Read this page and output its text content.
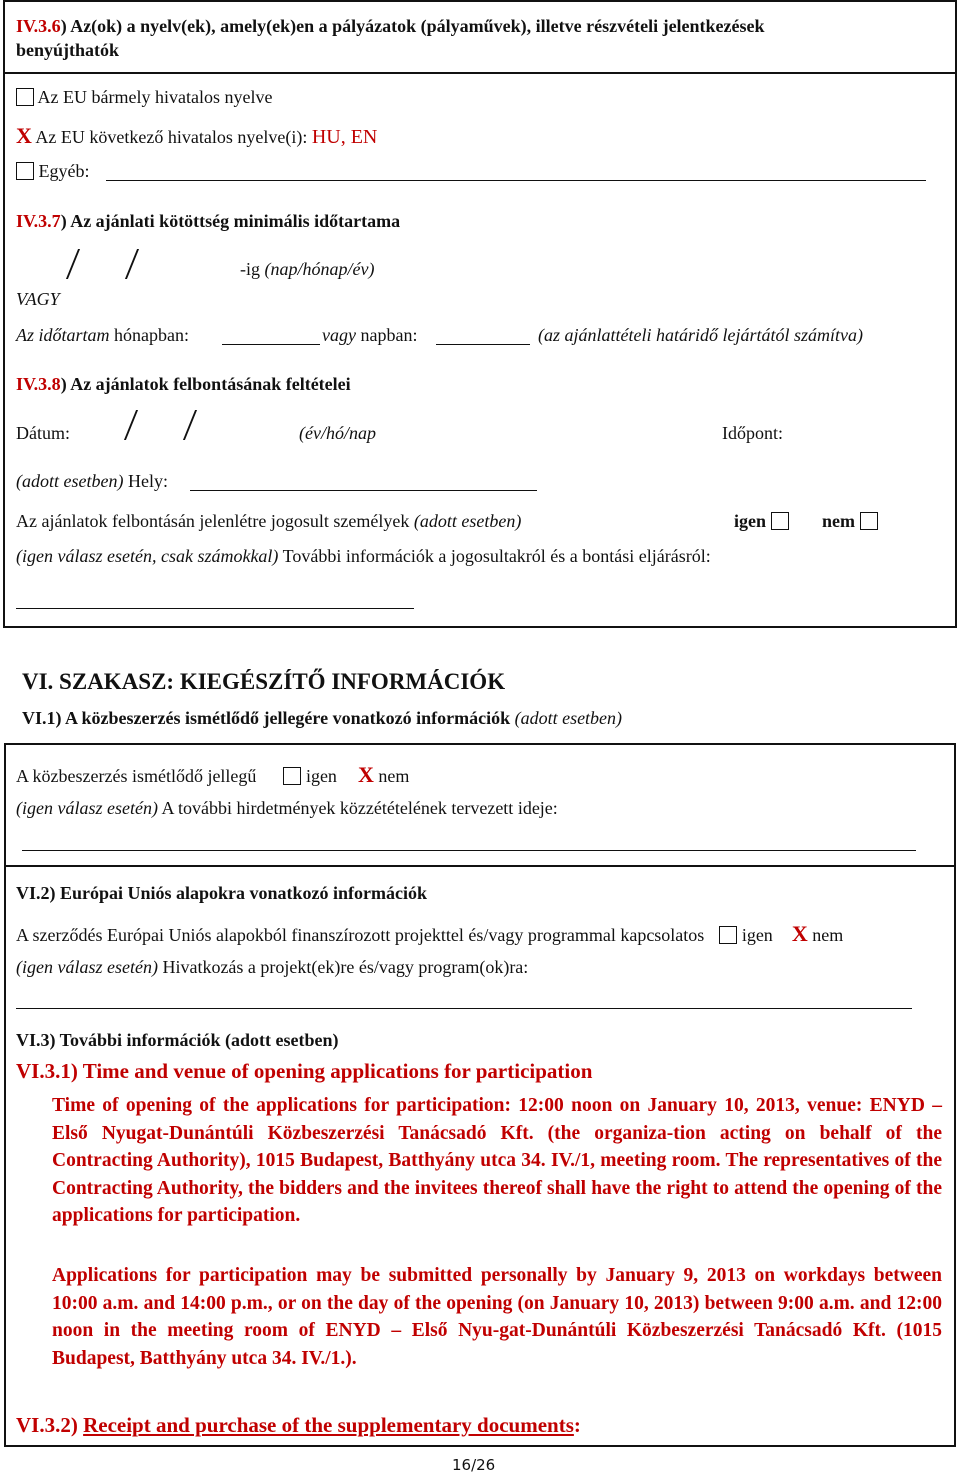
IV.3.6) Az(ok) a nyelv(ek), amely(ek)en a pályázatok (pályaművek), illetve részvételi jelentkezések
benyújthatók
Az EU bármely hivatalos nyelve
X Az EU következő hivatalos nyelve(i): HU, EN
Egyéb:
IV.3.7) Az ajánlati kötöttség minimális időtartama
-ig (nap/hónap/év)
VAGY
Az időtartam hónapban:	vagy napban:	(az ajánlattételi határidő lejártától számítva)
IV.3.8) Az ajánlatok felbontásának feltételei
Dátum:	(év/hó/nap	Időpont:
(adott esetben) Hely:
Az ajánlatok felbontásán jelenlétre jogosult személyek (adott esetben)	igen	nem
(igen válasz esetén, csak számokkal) További információk a jogosultakról és a bontási eljárásról:
VI. SZAKASZ: KIEGÉSZÍTŐ INFORMÁCIÓK
VI.1) A közbeszerzés ismétlődő jellegére vonatkozó információk (adott esetben)
A közbeszerzés ismétlődő jellegű	igen X nem
(igen válasz esetén) A további hirdetmények közzétételének tervezett ideje:
VI.2) Európai Uniós alapokra vonatkozó információk
A szerződés Európai Uniós alapokból finanszírozott projekttel és/vagy programmal kapcsolatos igen X nem
(igen válasz esetén) Hivatkozás a projekt(ek)re és/vagy program(ok)ra:
VI.3) További információk (adott esetben)
VI.3.1) Time and venue of opening applications for participation
Time of opening of the applications for participation: 12:00 noon on January 10, 2013, venue: ENYD – Első Nyugat-Dunántúli Közbeszerzési Tanácsadó Kft. (the organiza-tion acting on behalf of the Contracting Authority), 1015 Budapest, Batthyány utca 34. IV./1, meeting room. The representatives of the Contracting Authority, the bidders and the invitees thereof shall have the right to attend the opening of the applications for participation.
Applications for participation may be submitted personally by January 9, 2013 on workdays between 10:00 a.m. and 14:00 p.m., or on the day of the opening (on January 10, 2013) between 9:00 a.m. and 12:00 noon in the meeting room of ENYD – Első Nyu-gat-Dunántúli Közbeszerzési Tanácsadó Kft. (1015 Budapest, Batthyány utca 34. IV./1.).
VI.3.2) Receipt and purchase of the supplementary documents:
16/26
